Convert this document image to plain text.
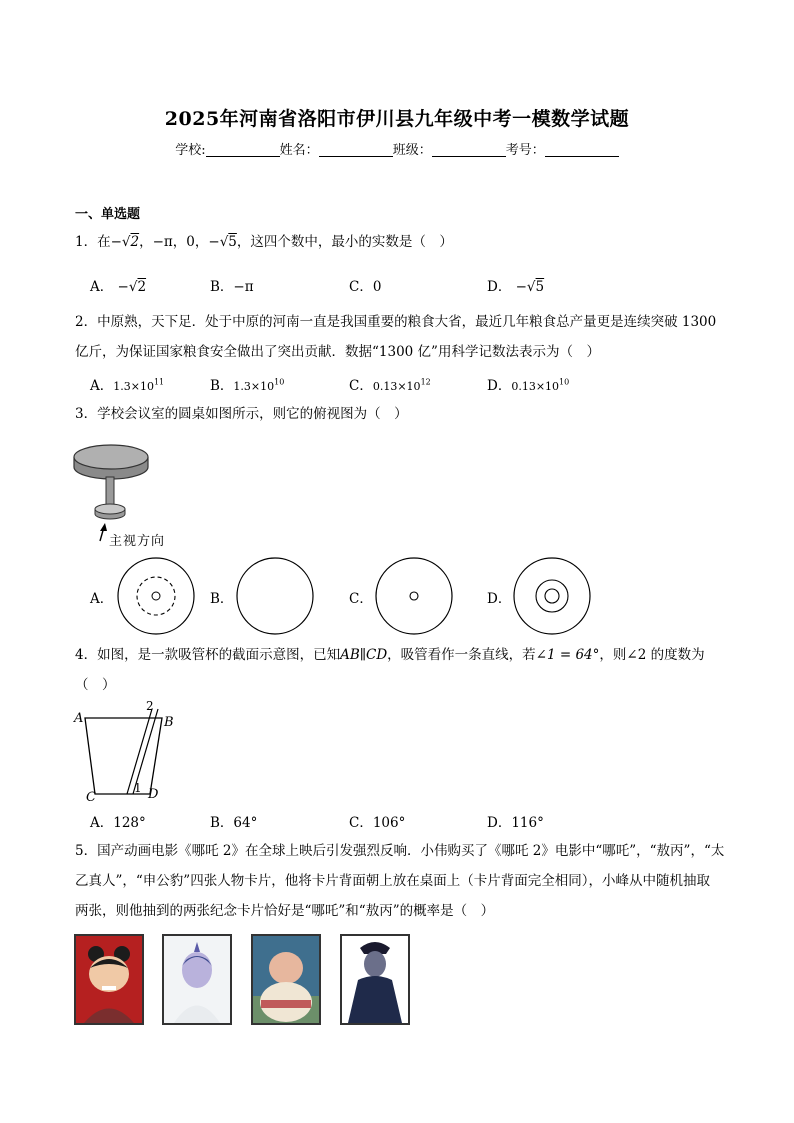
2025年河南省洛阳市伊川县九年级中考一模数学试题
学校:	姓名：	班级：	考号：
一、单选题
1．在−√2，−π，0，−√5，这四个数中，最小的实数是（　）
A． −√2	B．−π	C．0	D． −√5
2．中原熟，天下足．处于中原的河南一直是我国重要的粮食大省，最近几年粮食总产量更是连续突破 1300
亿斤，为保证国家粮食安全做出了突出贡献．数据“1300 亿”用科学记数法表示为（　）
A．$1.3\times 10^{11}$	B．$1.3\times 10^{10}$	C．$0.13\times 10^{12}$	D．$0.13\times 10^{10}$
3．学校会议室的圆桌如图所示，则它的俯视图为（　）
主视方向
A．	B．	C．	D．
4．如图，是一款吸管杯的截面示意图，已知AB∥CD，吸管看作一条直线，若∠1 = 64°，则∠2 的度数为
（　）
A	B
C	D
1
2
A．128°	B．64°	C．106°	D．116°
5．国产动画电影《哪吒 2》在全球上映后引发强烈反响．小伟购买了《哪吒 2》电影中“哪吒”，“敖丙”，“太
乙真人”，“申公豹”四张人物卡片，他将卡片背面朝上放在桌面上（卡片背面完全相同），小峰从中随机抽取
两张，则他抽到的两张纪念卡片恰好是“哪吒”和“敖丙”的概率是（　）
